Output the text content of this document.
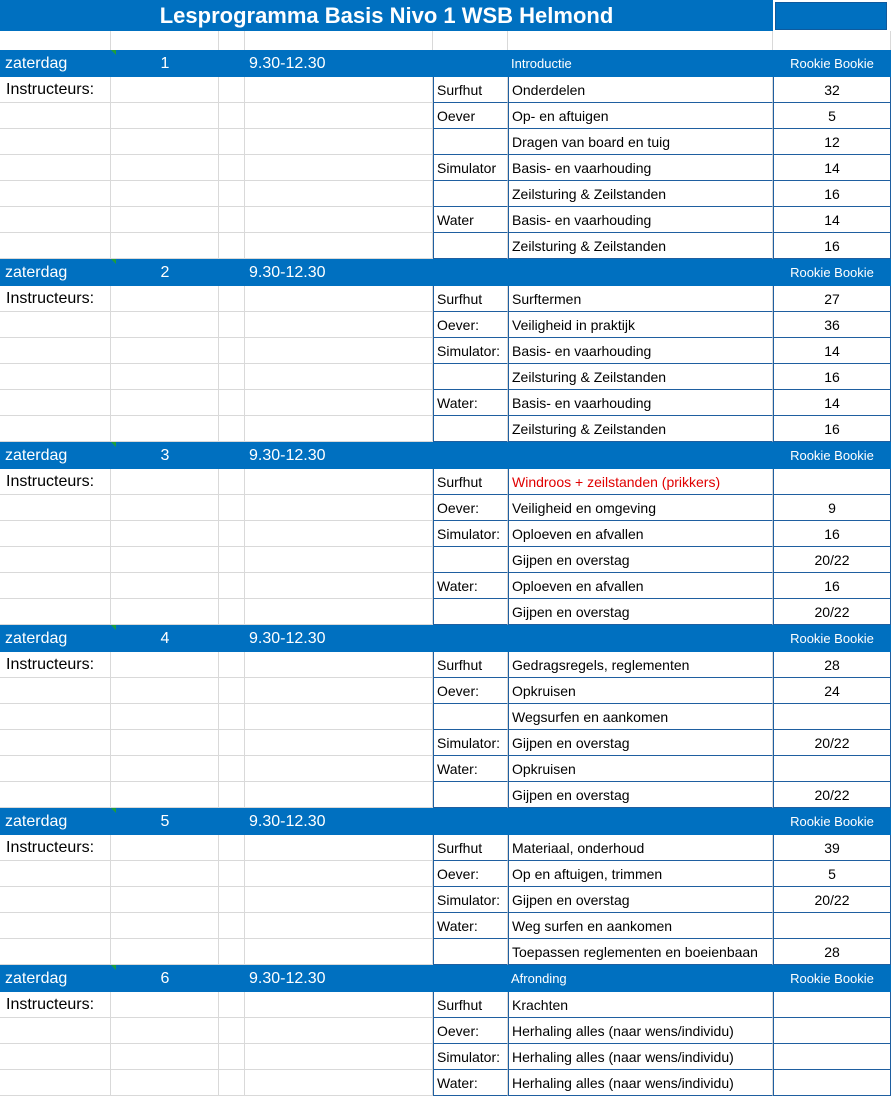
Lesprogramma Basis Nivo 1 WSB Helmond
zaterdag	1	9.30-12.30	Introductie	Rookie Bookie
Instructeurs:	Surfhut	Onderdelen	32
Oever	Op- en aftuigen	5
Dragen van board en tuig	12
Simulator	Basis- en vaarhouding	14
Zeilsturing & Zeilstanden	16
Water	Basis- en vaarhouding	14
Zeilsturing & Zeilstanden	16
zaterdag	2	9.30-12.30	Rookie Bookie
Instructeurs:	Surfhut	Surftermen	27
Oever:	Veiligheid in praktijk	36
Simulator: Basis- en vaarhouding	14
Zeilsturing & Zeilstanden	16
Water:	Basis- en vaarhouding	14
Zeilsturing & Zeilstanden	16
zaterdag	3	9.30-12.30	Rookie Bookie
Instructeurs:	Surfhut	Windroos + zeilstanden (prikkers)
Oever:	Veiligheid en omgeving	9
Simulator: Oploeven en afvallen	16
Gijpen en overstag	20/22
Water:	Oploeven en afvallen	16
Gijpen en overstag	20/22
zaterdag	4	9.30-12.30	Rookie Bookie
Instructeurs:	Surfhut	Gedragsregels, reglementen	28
Oever:	Opkruisen	24
Wegsurfen en aankomen
Simulator: Gijpen en overstag	20/22
Water:	Opkruisen
Gijpen en overstag	20/22
zaterdag	5	9.30-12.30	Rookie Bookie
Instructeurs:	Surfhut	Materiaal, onderhoud	39
Oever:	Op en aftuigen, trimmen	5
Simulator: Gijpen en overstag	20/22
Water:	Weg surfen en aankomen
Toepassen reglementen en boeienbaan	28
zaterdag	6	9.30-12.30	Afronding	Rookie Bookie
Instructeurs:	Surfhut	Krachten
Oever:	Herhaling alles (naar wens/individu)
Simulator: Herhaling alles (naar wens/individu)
Water:	Herhaling alles (naar wens/individu)
